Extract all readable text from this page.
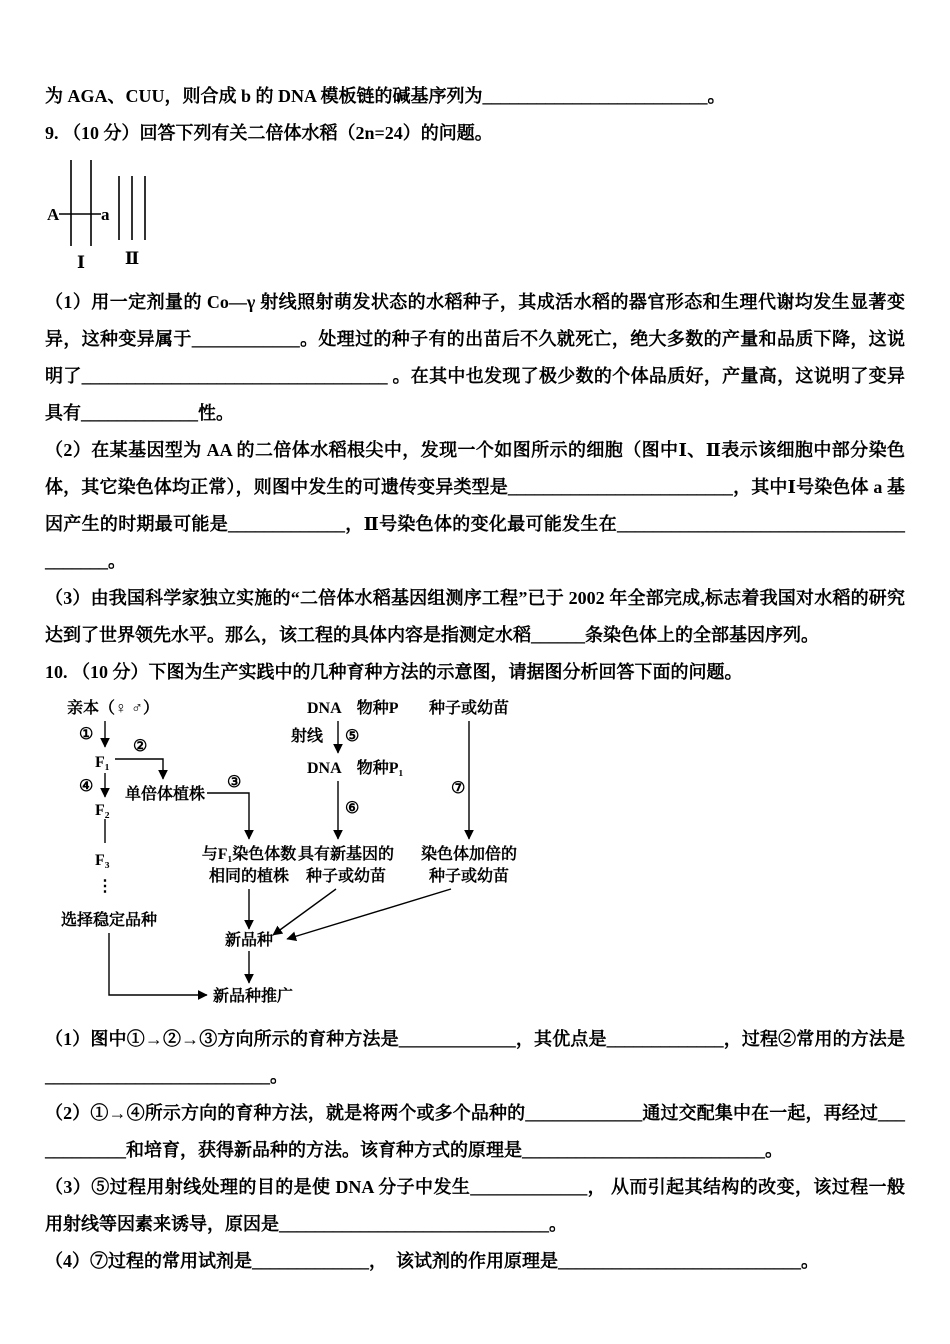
为 AGA、CUU，则合成 b 的 DNA 模板链的碱基序列为_________________________。

9. （10 分）回答下列有关二倍体水稻（2n=24）的问题。

A a
Ⅰ Ⅱ

（1）用一定剂量的 Co—γ 射线照射萌发状态的水稻种子，其成活水稻的器官形态和生理代谢均发生显著变异，这种变异属于____________。处理过的种子有的出苗后不久就死亡，绝大多数的产量和品质下降，这说明了__________________________________ 。在其中也发现了极少数的个体品质好，产量高，这说明了变异具有_____________性。

（2）在某基因型为 AA 的二倍体水稻根尖中，发现一个如图所示的细胞（图中Ⅰ、Ⅱ表示该细胞中部分染色体，其它染色体均正常），则图中发生的可遗传变异类型是_________________________，其中Ⅰ号染色体 a 基因产生的时期最可能是_____________，Ⅱ号染色体的变化最可能发生在_______________________________________。

（3）由我国科学家独立实施的“二倍体水稻基因组测序工程”已于 2002 年全部完成,标志着我国对水稻的研究达到了世界领先水平。那么，该工程的具体内容是指测定水稻______条染色体上的全部基因序列。

10. （10 分）下图为生产实践中的几种育种方法的示意图，请据图分析回答下面的问题。

亲本（♀ ♂）
①
F₁
②
单倍体植株
④
F₂
F₃
⋮
选择稳定品种
③
与F₁染色体数
相同的植株
DNA　物种P
射线 ⑤
DNA　物种P₁
⑥
具有新基因的
种子或幼苗
种子或幼苗
⑦
染色体加倍的
种子或幼苗
新品种
新品种推广

（1）图中①→②→③方向所示的育种方法是_____________，其优点是_____________，过程②常用的方法是_________________________。

（2）①→④所示方向的育种方法，就是将两个或多个品种的_____________通过交配集中在一起，再经过____________和培育，获得新品种的方法。该育种方式的原理是___________________________。

（3）⑤过程用射线处理的目的是使 DNA 分子中发生_____________， 从而引起其结构的改变，该过程一般用射线等因素来诱导，原因是______________________________。

（4）⑦过程的常用试剂是_____________，　该试剂的作用原理是___________________________。
